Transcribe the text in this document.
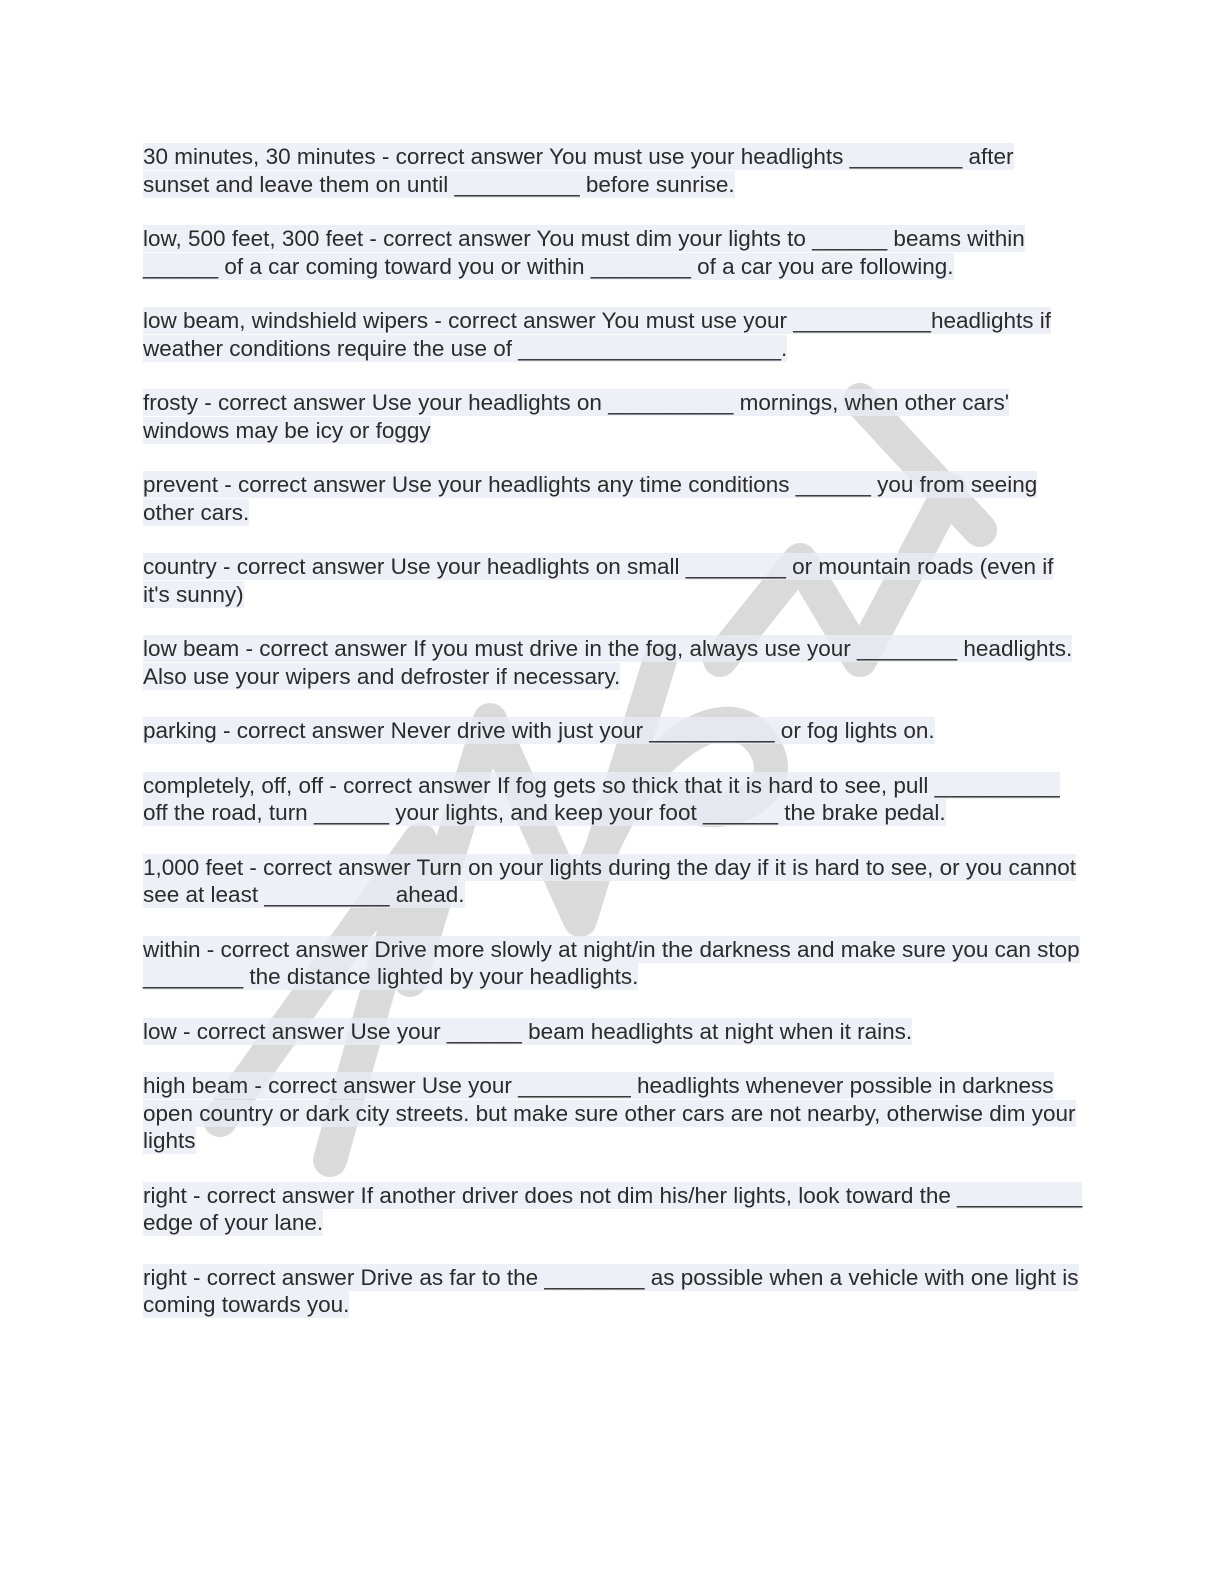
30 minutes, 30 minutes - correct answer You must use your headlights _________ after sunset and leave them on until __________ before sunrise.

low, 500 feet, 300 feet - correct answer You must dim your lights to ______ beams within ______ of a car coming toward you or within ________ of a car you are following.

low beam, windshield wipers - correct answer You must use your ___________headlights if weather conditions require the use of _____________________.

frosty - correct answer Use your headlights on __________ mornings, when other cars' windows may be icy or foggy

prevent - correct answer Use your headlights any time conditions ______ you from seeing other cars.

country - correct answer Use your headlights on small ________ or mountain roads (even if it's sunny)

low beam - correct answer If you must drive in the fog, always use your ________ headlights. Also use your wipers and defroster if necessary.

parking - correct answer Never drive with just your __________ or fog lights on.

completely, off, off - correct answer If fog gets so thick that it is hard to see, pull __________ off the road, turn ______ your lights, and keep your foot ______ the brake pedal.

1,000 feet - correct answer Turn on your lights during the day if it is hard to see, or you cannot see at least __________ ahead.

within - correct answer Drive more slowly at night/in the darkness and make sure you can stop ________ the distance lighted by your headlights.

low - correct answer Use your ______ beam headlights at night when it rains.

high beam - correct answer Use your _________ headlights whenever possible in darkness open country or dark city streets. but make sure other cars are not nearby, otherwise dim your lights

right - correct answer If another driver does not dim his/her lights, look toward the __________ edge of your lane.

right - correct answer Drive as far to the ________ as possible when a vehicle with one light is coming towards you.
